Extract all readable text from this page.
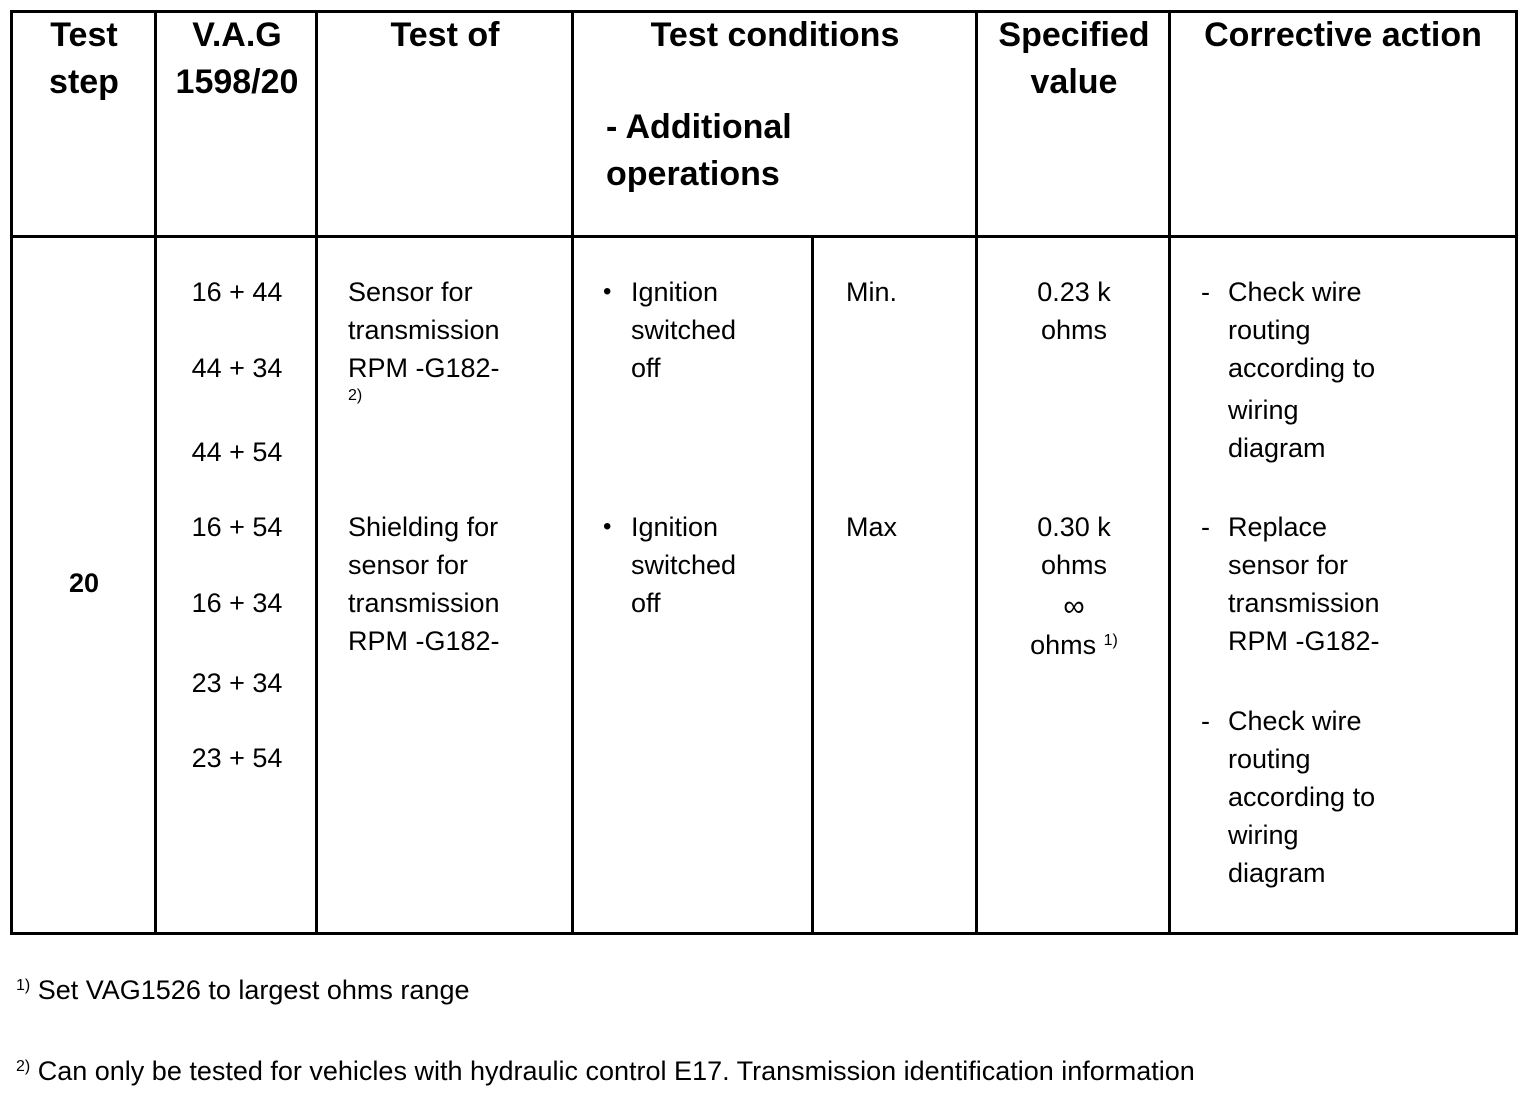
Test
step
V.A.G
1598/20
Test of	Test conditions
- Additional
operations
Specified
value
Corrective action
20
16 + 44
44 + 34
44 + 54
16 + 54
16 + 34
23 + 34
23 + 54
Sensor for
transmission
RPM -G182-
2)
Shielding for
sensor for
transmission
RPM -G182-
• Ignition
switched
off
• Ignition
switched
off
Min.
Max
0.23 k
ohms
0.30 k
ohms
∞
ohms $^{1)}$
- Check wire
routing
according to
wiring
diagram
- Replace
sensor for
transmission
RPM -G182-
- Check wire
routing
according to
wiring
diagram
$^{1)}$ Set VAG1526 to largest ohms range
$^{2)}$ Can only be tested for vehicles with hydraulic control E17. Transmission identification information
